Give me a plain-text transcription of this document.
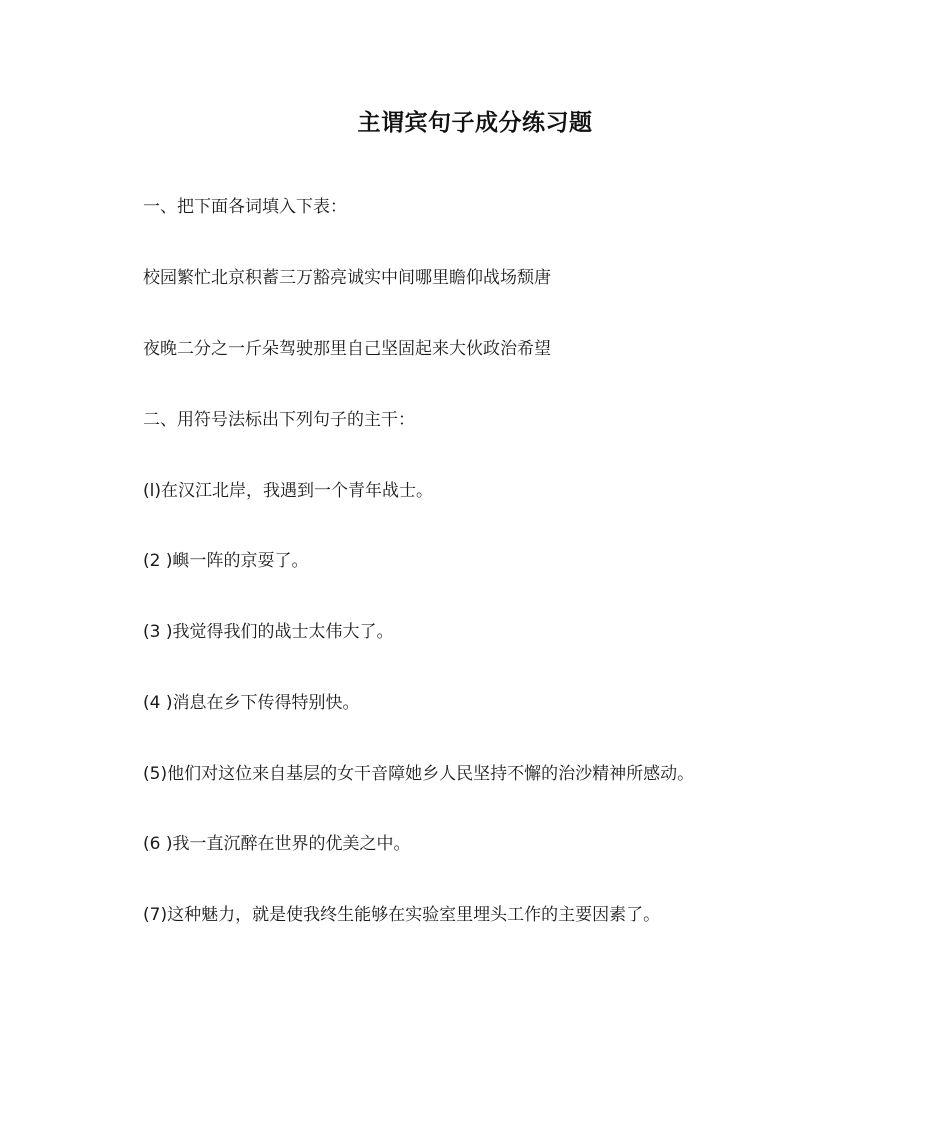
主谓宾句子成分练习题
一、把下面各词填入下表：
校园繁忙北京积蓄三万豁亮诚实中间哪里瞻仰战场颓唐
夜晚二分之一斤朵驾驶那里自己坚固起来大伙政治希望
二、用符号法标出下列句子的主干：
(l)在汉江北岸，我遇到一个青年战士。
(2 )嶼一阵的京耍了。
(3 )我觉得我们的战士太伟大了。
(4 )消息在乡下传得特别快。
(5)他们对这位来自基层的女干音障她乡人民坚持不懈的治沙精神所感动。
(6 )我一直沉醉在世界的优美之中。
(7)这种魅力，就是使我终生能够在实验室里埋头工作的主要因素了。
